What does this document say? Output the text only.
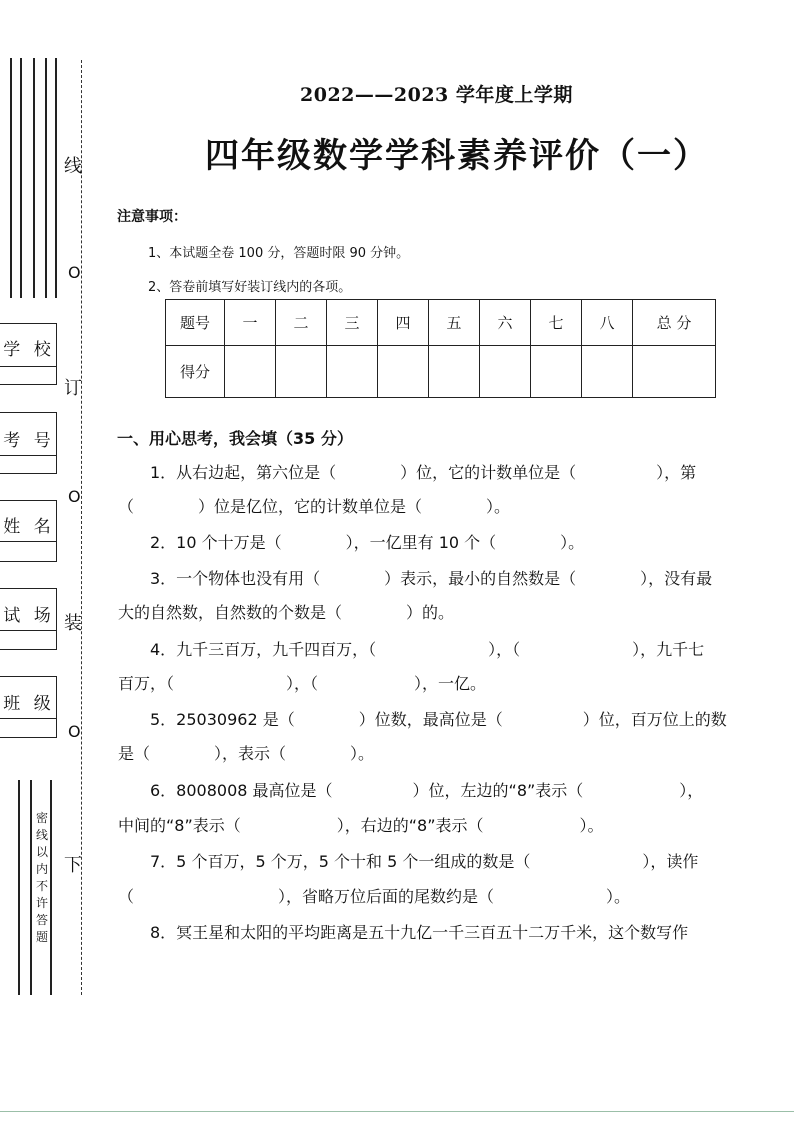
学 校
考 号
姓 名
试 场
班 级
密线以内不许答题
线
O
订
O
装
O
下
2022——2023 学年度上学期
四年级数学学科素养评价（一）
注意事项：
1、本试题全卷 100 分，答题时限 90 分钟。
2、答卷前填写好装订线内的各项。
题号	一	二	三	四	五	六	七	八	总 分
得分									
一、用心思考，我会填（35 分）
1．从右边起，第六位是（　　　　）位，它的计数单位是（　　　　　），第
（　　　　）位是亿位，它的计数单位是（　　　　）。
2．10 个十万是（　　　　），一亿里有 10 个（　　　　）。
3．一个物体也没有用（　　　　）表示，最小的自然数是（　　　　），没有最
大的自然数，自然数的个数是（　　　　）的。
4．九千三百万，九千四百万，（　　　　　　　），（　　　　　　　），九千七
百万，（　　　　　　　），（　　　　　　），一亿。
5．25030962 是（　　　　）位数，最高位是（　　　　　）位，百万位上的数
是（　　　　），表示（　　　　）。
6．8008008 最高位是（　　　　　）位，左边的“8”表示（　　　　　　），
中间的“8”表示（　　　　　　），右边的“8”表示（　　　　　　）。
7．5 个百万，5 个万，5 个十和 5 个一组成的数是（　　　　　　　），读作
（　　　　　　　　　），省略万位后面的尾数约是（　　　　　　　）。
8．冥王星和太阳的平均距离是五十九亿一千三百五十二万千米，这个数写作
